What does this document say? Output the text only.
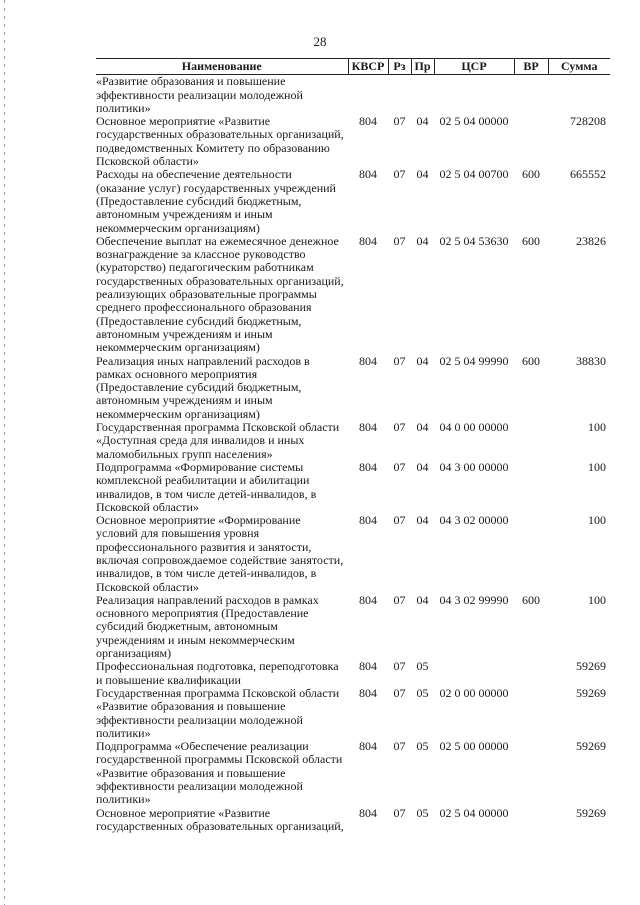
28
Наименование	КВСР	Рз	Пр	ЦСР	ВР	Сумма
«Развитие образования и повышение эффективности реализации молодежной политики»						
Основное мероприятие «Развитие государственных образовательных организаций, подведомственных Комитету по образованию Псковской области»	804	07	04	02 5 04 00000		728208
Расходы на обеспечение деятельности (оказание услуг) государственных учреждений (Предоставление субсидий бюджетным, автономным учреждениям и иным некоммерческим организациям)	804	07	04	02 5 04 00700	600	665552
Обеспечение выплат на ежемесячное денежное вознаграждение за классное руководство (кураторство) педагогическим работникам государственных образовательных организаций, реализующих образовательные программы среднего профессионального образования (Предоставление субсидий бюджетным, автономным учреждениям и иным некоммерческим организациям)	804	07	04	02 5 04 53630	600	23826
Реализация иных направлений расходов в рамках основного мероприятия (Предоставление субсидий бюджетным, автономным учреждениям и иным некоммерческим организациям)	804	07	04	02 5 04 99990	600	38830
Государственная программа Псковской области «Доступная среда для инвалидов и иных маломобильных групп населения»	804	07	04	04 0 00 00000		100
Подпрограмма «Формирование системы комплексной реабилитации и абилитации инвалидов, в том числе детей-инвалидов, в Псковской области»	804	07	04	04 3 00 00000		100
Основное мероприятие «Формирование условий для повышения уровня профессионального развития и занятости, включая сопровождаемое содействие занятости, инвалидов, в том числе детей-инвалидов, в Псковской области»	804	07	04	04 3 02 00000		100
Реализация направлений расходов в рамках основного мероприятия (Предоставление субсидий бюджетным, автономным учреждениям и иным некоммерческим организациям)	804	07	04	04 3 02 99990	600	100
Профессиональная подготовка, переподготовка и повышение квалификации	804	07	05			59269
Государственная программа Псковской области «Развитие образования и повышение эффективности реализации молодежной политики»	804	07	05	02 0 00 00000		59269
Подпрограмма «Обеспечение реализации государственной программы Псковской области «Развитие образования и повышение эффективности реализации молодежной политики»	804	07	05	02 5 00 00000		59269
Основное мероприятие «Развитие государственных образовательных организаций,	804	07	05	02 5 04 00000		59269
